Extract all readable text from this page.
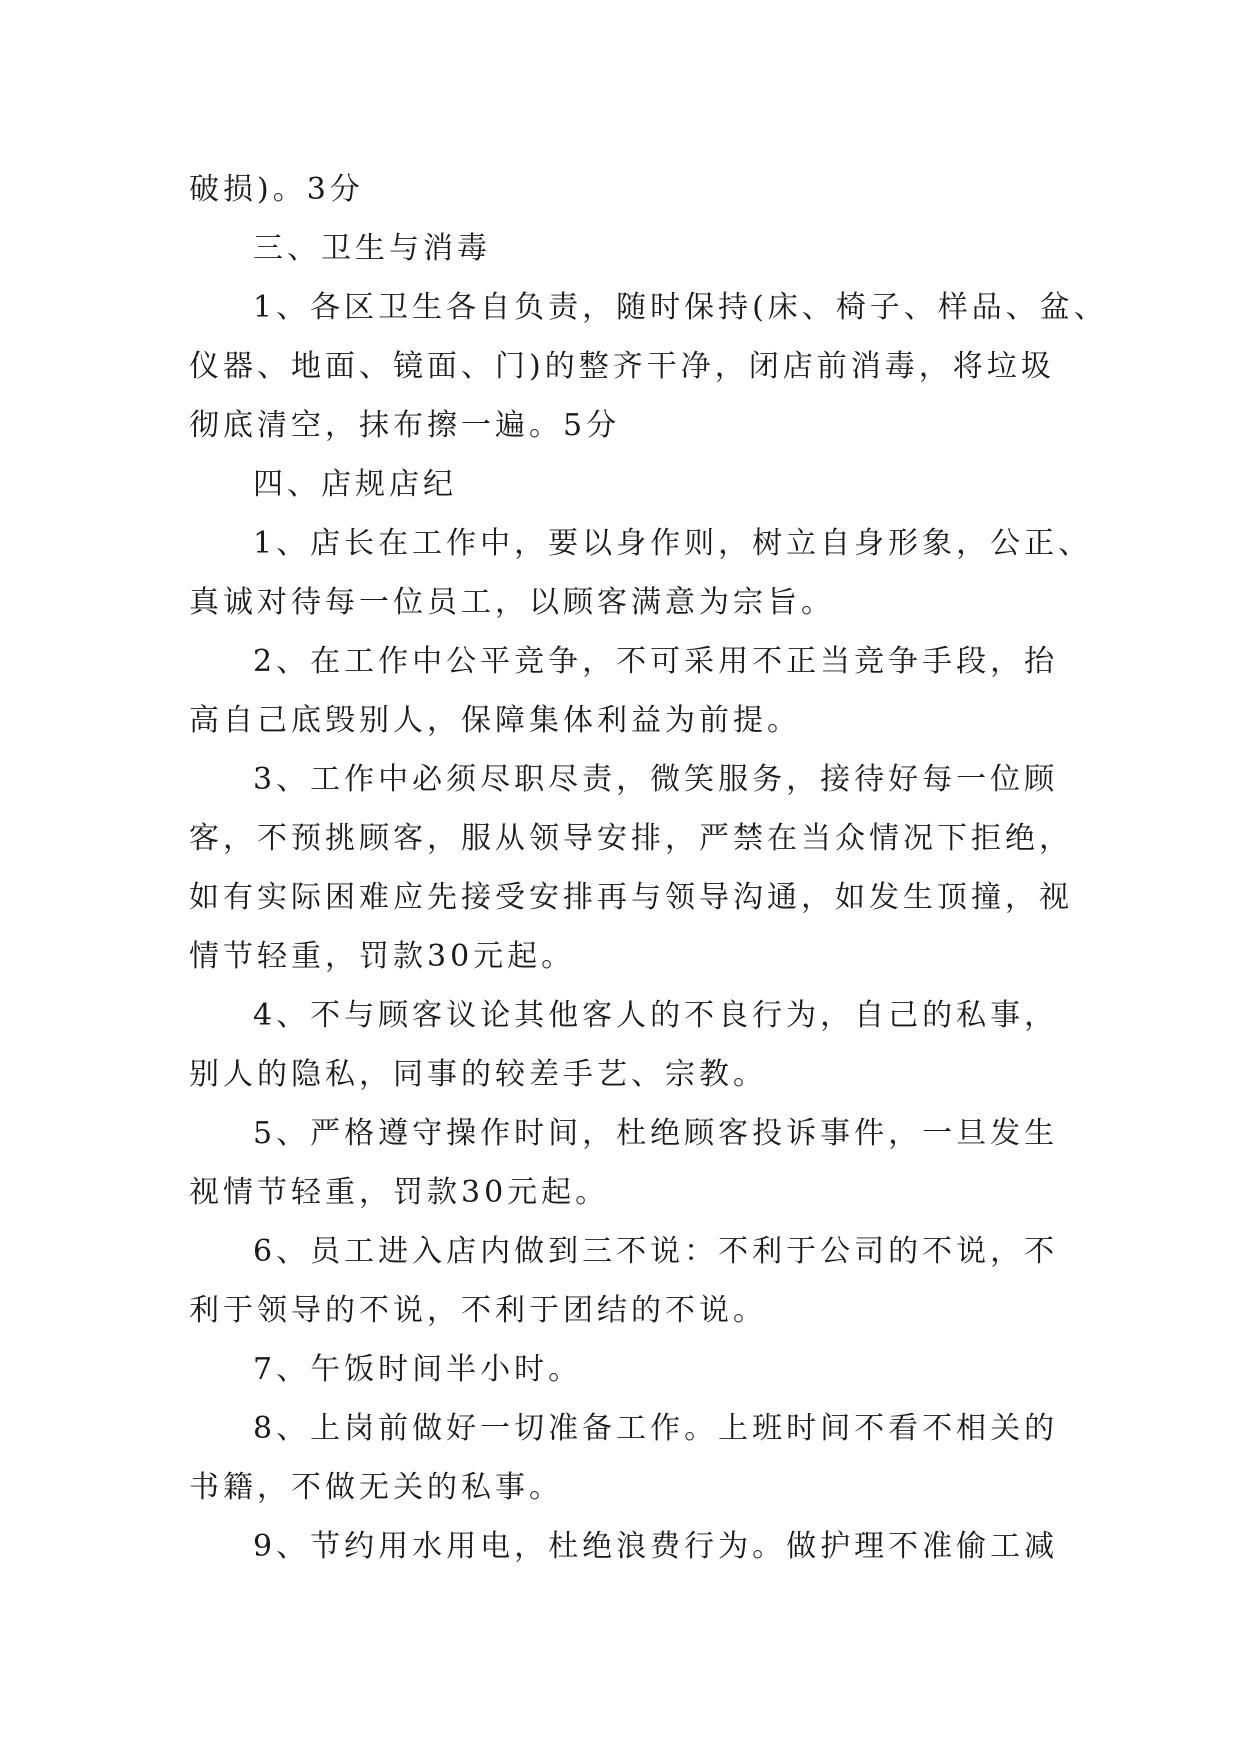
破损)。3分
三、卫生与消毒
1、各区卫生各自负责，随时保持(床、椅子、样品、盆、
仪器、地面、镜面、门)的整齐干净，闭店前消毒，将垃圾
彻底清空，抹布擦一遍。5分
四、店规店纪
1、店长在工作中，要以身作则，树立自身形象，公正、
真诚对待每一位员工，以顾客满意为宗旨。
2、在工作中公平竞争，不可采用不正当竞争手段，抬
高自己底毁别人，保障集体利益为前提。
3、工作中必须尽职尽责，微笑服务，接待好每一位顾
客，不预挑顾客，服从领导安排，严禁在当众情况下拒绝，
如有实际困难应先接受安排再与领导沟通，如发生顶撞，视
情节轻重，罚款30元起。
4、不与顾客议论其他客人的不良行为，自己的私事，
别人的隐私，同事的较差手艺、宗教。
5、严格遵守操作时间，杜绝顾客投诉事件，一旦发生
视情节轻重，罚款30元起。
6、员工进入店内做到三不说：不利于公司的不说，不
利于领导的不说，不利于团结的不说。
7、午饭时间半小时。
8、上岗前做好一切准备工作。上班时间不看不相关的
书籍，不做无关的私事。
9、节约用水用电，杜绝浪费行为。做护理不准偷工减
